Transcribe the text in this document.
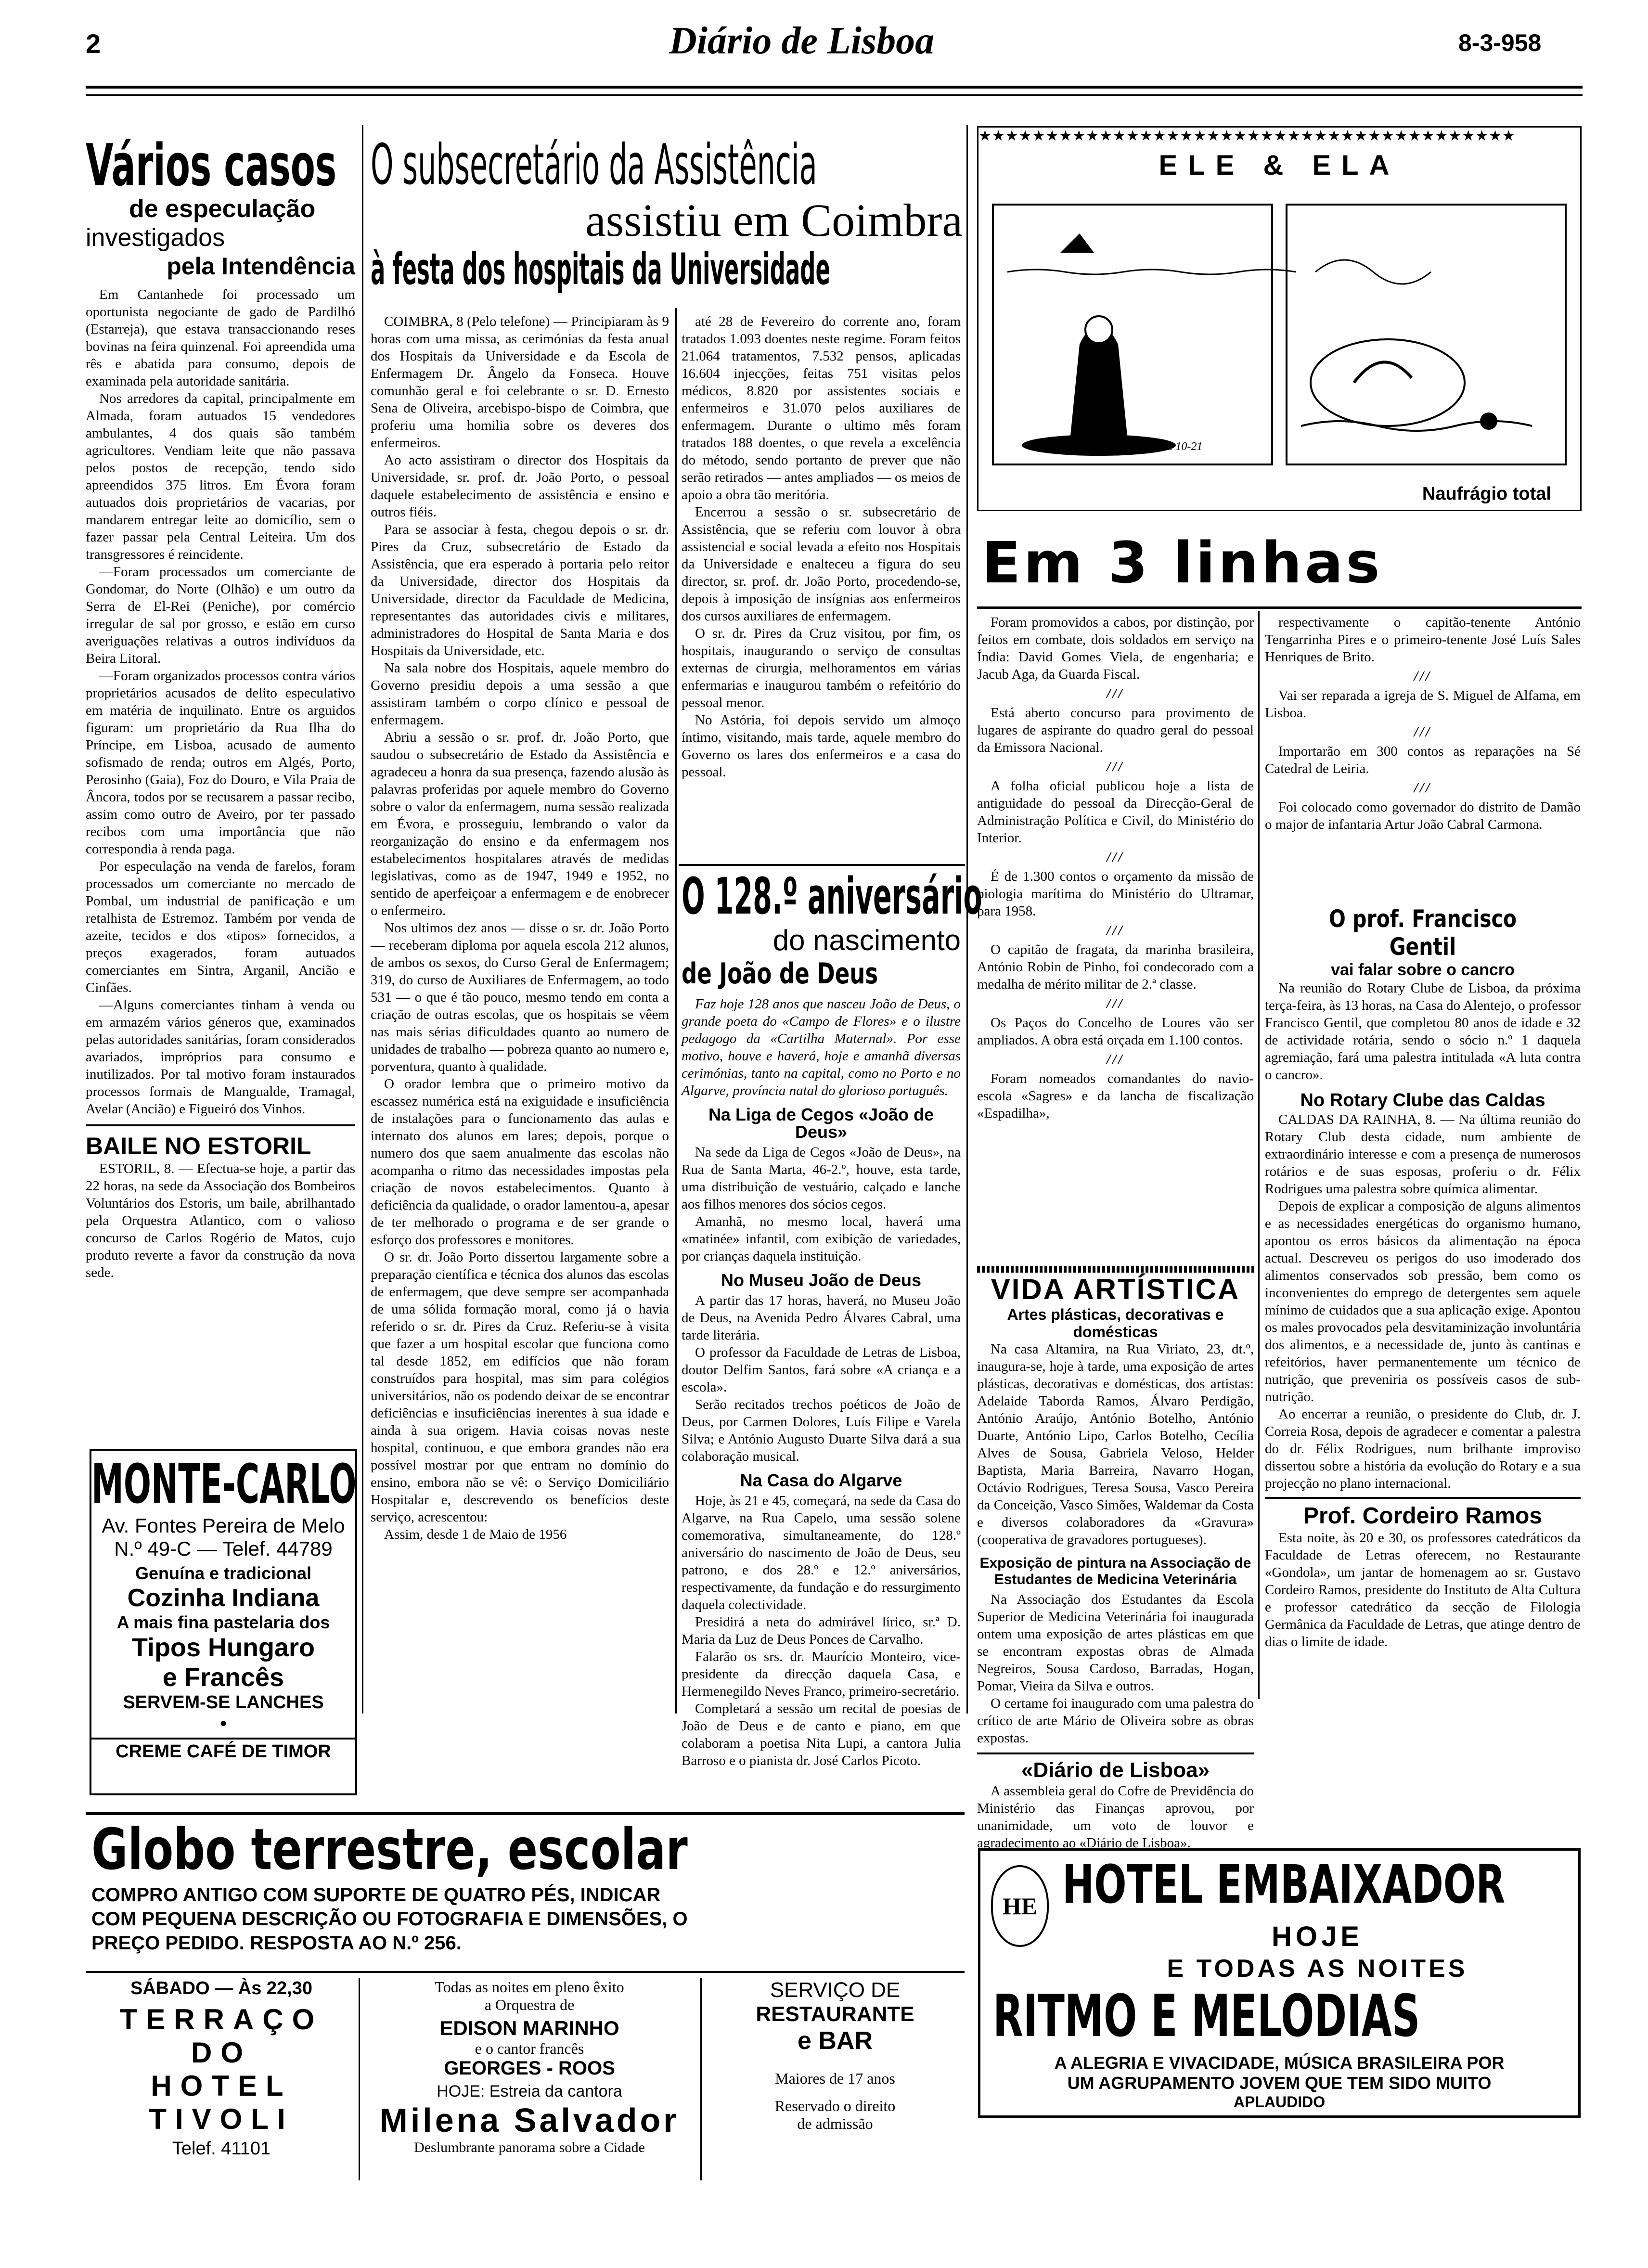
2	Diário de Lisboa	8-3-958
Vários casos
de especulação
investigados
pela Intendência

Em Cantanhede foi processado um oportunista negociante de gado de Pardilhó (Estarreja), que estava transaccionando reses bovinas na feira quinzenal. Foi apreendida uma rês e abatida para consumo, depois de examinada pela autoridade sanitária.

Nos arredores da capital, principalmente em Almada, foram autuados 15 vendedores ambulantes, 4 dos quais são também agricultores. Vendiam leite que não passava pelos postos de recepção, tendo sido apreendidos 375 litros. Em Évora foram autuados dois proprietários de vacarias, por mandarem entregar leite ao domicílio, sem o fazer passar pela Central Leiteira. Um dos transgressores é reincidente.

—Foram processados um comerciante de Gondomar, do Norte (Olhão) e um outro da Serra de El-Rei (Peniche), por comércio irregular de sal por grosso, e estão em curso averiguações relativas a outros indivíduos da Beira Litoral.

—Foram organizados processos contra vários proprietários acusados de delito especulativo em matéria de inquilinato. Entre os arguidos figuram: um proprietário da Rua Ilha do Príncipe, em Lisboa, acusado de aumento sofismado de renda; outros em Algés, Porto, Perosinho (Gaia), Foz do Douro, e Vila Praia de Âncora, todos por se recusarem a passar recibo, assim como outro de Aveiro, por ter passado recibos com uma importância que não correspondia à renda paga.

Por especulação na venda de farelos, foram processados um comerciante no mercado de Pombal, um industrial de panificação e um retalhista de Estremoz. Também por venda de azeite, tecidos e dos «tipos» fornecidos, a preços exagerados, foram autuados comerciantes em Sintra, Arganil, Ancião e Cinfães.

—Alguns comerciantes tinham à venda ou em armazém vários géneros que, examinados pelas autoridades sanitárias, foram considerados avariados, impróprios para consumo e inutilizados. Por tal motivo foram instaurados processos formais de Mangualde, Tramagal, Avelar (Ancião) e Figueiró dos Vinhos.

BAILE NO ESTORIL

ESTORIL, 8. — Efectua-se hoje, a partir das 22 horas, na sede da Associação dos Bombeiros Voluntários dos Estoris, um baile, abrilhantado pela Orquestra Atlantico, com o valioso concurso de Carlos Rogério de Matos, cujo produto reverte a favor da construção da nova sede.

MONTE-CARLO
Av. Fontes Pereira de Melo
N.º 49-C — Telef. 44789
Genuína e tradicional
Cozinha Indiana
A mais fina pastelaria dos
Tipos Hungaro
e Francês
SERVEM-SE LANCHES
•
CREME CAFÉ DE TIMOR
O subsecretário da Assistência
assistiu em Coimbra
à festa dos hospitais da Universidade

COIMBRA, 8 (Pelo telefone) — Principiaram às 9 horas com uma missa, as cerimónias da festa anual dos Hospitais da Universidade e da Escola de Enfermagem Dr. Ângelo da Fonseca. Houve comunhão geral e foi celebrante o sr. D. Ernesto Sena de Oliveira, arcebispo-bispo de Coimbra, que proferiu uma homilia sobre os deveres dos enfermeiros.

Ao acto assistiram o director dos Hospitais da Universidade, sr. prof. dr. João Porto, o pessoal daquele estabelecimento de assistência e ensino e outros fiéis.

Para se associar à festa, chegou depois o sr. dr. Pires da Cruz, subsecretário de Estado da Assistência, que era esperado à portaria pelo reitor da Universidade, director dos Hospitais da Universidade, director da Faculdade de Medicina, representantes das autoridades civis e militares, administradores do Hospital de Santa Maria e dos Hospitais da Universidade, etc.

Na sala nobre dos Hospitais, aquele membro do Governo presidiu depois a uma sessão a que assistiram também o corpo clínico e pessoal de enfermagem.

Abriu a sessão o sr. prof. dr. João Porto, que saudou o subsecretário de Estado da Assistência e agradeceu a honra da sua presença, fazendo alusão às palavras proferidas por aquele membro do Governo sobre o valor da enfermagem, numa sessão realizada em Évora, e prosseguiu, lembrando o valor da reorganização do ensino e da enfermagem nos estabelecimentos hospitalares através de medidas legislativas, como as de 1947, 1949 e 1952, no sentido de aperfeiçoar a enfermagem e de enobrecer o enfermeiro.

Nos ultimos dez anos — disse o sr. dr. João Porto — receberam diploma por aquela escola 212 alunos, de ambos os sexos, do Curso Geral de Enfermagem; 319, do curso de Auxiliares de Enfermagem, ao todo 531 — o que é tão pouco, mesmo tendo em conta a criação de outras escolas, que os hospitais se vêem nas mais sérias dificuldades quanto ao numero de unidades de trabalho — pobreza quanto ao numero e, porventura, quanto à qualidade.

O orador lembra que o primeiro motivo da escassez numérica está na exiguidade e insuficiência de instalações para o funcionamento das aulas e internato dos alunos em lares; depois, porque o numero dos que saem anualmente das escolas não acompanha o ritmo das necessidades impostas pela criação de novos estabelecimentos. Quanto à deficiência da qualidade, o orador lamentou-a, apesar de ter melhorado o programa e de ser grande o esforço dos professores e monitores.

O sr. dr. João Porto dissertou largamente sobre a preparação científica e técnica dos alunos das escolas de enfermagem, que deve sempre ser acompanhada de uma sólida formação moral, como já o havia referido o sr. dr. Pires da Cruz. Referiu-se à visita que fazer a um hospital escolar que funciona como tal desde 1852, em edifícios que não foram construídos para hospital, mas sim para colégios universitários, não os podendo deixar de se encontrar deficiências e insuficiências inerentes à sua idade e ainda à sua origem. Havia coisas novas neste hospital, continuou, e que embora grandes não era possível mostrar por que entram no domínio do ensino, embora não se vê: o Serviço Domiciliário Hospitalar e, descrevendo os benefícios deste serviço, acrescentou:

Assim, desde 1 de Maio de 1956

até 28 de Fevereiro do corrente ano, foram tratados 1.093 doentes neste regime. Foram feitos 21.064 tratamentos, 7.532 pensos, aplicadas 16.604 injecções, feitas 751 visitas pelos médicos, 8.820 por assistentes sociais e enfermeiros e 31.070 pelos auxiliares de enfermagem. Durante o ultimo mês foram tratados 188 doentes, o que revela a excelência do método, sendo portanto de prever que não serão retirados — antes ampliados — os meios de apoio a obra tão meritória.

Encerrou a sessão o sr. subsecretário de Assistência, que se referiu com louvor à obra assistencial e social levada a efeito nos Hospitais da Universidade e enalteceu a figura do seu director, sr. prof. dr. João Porto, procedendo-se, depois à imposição de insígnias aos enfermeiros dos cursos auxiliares de enfermagem.

O sr. dr. Pires da Cruz visitou, por fim, os hospitais, inaugurando o serviço de consultas externas de cirurgia, melhoramentos em várias enfermarias e inaugurou também o refeitório do pessoal menor.

No Astória, foi depois servido um almoço íntimo, visitando, mais tarde, aquele membro do Governo os lares dos enfermeiros e a casa do pessoal.

O 128.º aniversário
do nascimento
de João de Deus

Faz hoje 128 anos que nasceu João de Deus, o grande poeta do «Campo de Flores» e o ilustre pedagogo da «Cartilha Maternal». Por esse motivo, houve e haverá, hoje e amanhã diversas cerimónias, tanto na capital, como no Porto e no Algarve, província natal do glorioso português.

Na Liga de Cegos «João de Deus»

Na sede da Liga de Cegos «João de Deus», na Rua de Santa Marta, 46-2.º, houve, esta tarde, uma distribuição de vestuário, calçado e lanche aos filhos menores dos sócios cegos.

Amanhã, no mesmo local, haverá uma «matinée» infantil, com exibição de variedades, por crianças daquela instituição.

No Museu João de Deus

A partir das 17 horas, haverá, no Museu João de Deus, na Avenida Pedro Álvares Cabral, uma tarde literária.

O professor da Faculdade de Letras de Lisboa, doutor Delfim Santos, fará sobre «A criança e a escola».

Serão recitados trechos poéticos de João de Deus, por Carmen Dolores, Luís Filipe e Varela Silva; e António Augusto Duarte Silva dará a sua colaboração musical.

Na Casa do Algarve

Hoje, às 21 e 45, começará, na sede da Casa do Algarve, na Rua Capelo, uma sessão solene comemorativa, simultaneamente, do 128.º aniversário do nascimento de João de Deus, seu patrono, e dos 28.º e 12.º aniversários, respectivamente, da fundação e do ressurgimento daquela colectividade.

Presidirá a neta do admirável lírico, sr.ª D. Maria da Luz de Deus Ponces de Carvalho.

Falarão os srs. dr. Maurício Monteiro, vice-presidente da direcção daquela Casa, e Hermenegildo Neves Franco, primeiro-secretário.

Completará a sessão um recital de poesias de João de Deus e de canto e piano, em que colaboram a poetisa Nita Lupi, a cantora Julia Barroso e o pianista dr. José Carlos Picoto.

★★★★★★★★★★★★★★★★★★★★★★★★★★★★★★★★★★★★★★★★
ELE & ELA
Zim. 10-21
Naufrágio total
Em 3 linhas

Foram promovidos a cabos, por distinção, por feitos em combate, dois soldados em serviço na Índia: David Gomes Viela, de engenharia; e Jacub Aga, da Guarda Fiscal.

///

Está aberto concurso para provimento de lugares de aspirante do quadro geral do pessoal da Emissora Nacional.

///

A folha oficial publicou hoje a lista de antiguidade do pessoal da Direcção-Geral de Administração Política e Civil, do Ministério do Interior.

///

É de 1.300 contos o orçamento da missão de biologia marítima do Ministério do Ultramar, para 1958.

///

O capitão de fragata, da marinha brasileira, António Robin de Pinho, foi condecorado com a medalha de mérito militar de 2.ª classe.

///

Os Paços do Concelho de Loures vão ser ampliados. A obra está orçada em 1.100 contos.

///

Foram nomeados comandantes do navio-escola «Sagres» e da lancha de fiscalização «Espadilha»,

respectivamente o capitão-tenente António Tengarrinha Pires e o primeiro-tenente José Luís Sales Henriques de Brito.

///

Vai ser reparada a igreja de S. Miguel de Alfama, em Lisboa.

///

Importarão em 300 contos as reparações na Sé Catedral de Leiria.

///

Foi colocado como governador do distrito de Damão o major de infantaria Artur João Cabral Carmona.

VIDA ARTÍSTICA
Artes plásticas, decorativas e domésticas

Na casa Altamira, na Rua Viriato, 23, dt.º, inaugura-se, hoje à tarde, uma exposição de artes plásticas, decorativas e domésticas, dos artistas: Adelaide Taborda Ramos, Álvaro Perdigão, António Araújo, António Botelho, António Duarte, António Lipo, Carlos Botelho, Cecília Alves de Sousa, Gabriela Veloso, Helder Baptista, Maria Barreira, Navarro Hogan, Octávio Rodrigues, Teresa Sousa, Vasco Pereira da Conceição, Vasco Simões, Waldemar da Costa e diversos colaboradores da «Gravura» (cooperativa de gravadores portugueses).

Exposição de pintura na Associação de Estudantes de Medicina Veterinária

Na Associação dos Estudantes da Escola Superior de Medicina Veterinária foi inaugurada ontem uma exposição de artes plásticas em que se encontram expostas obras de Almada Negreiros, Sousa Cardoso, Barradas, Hogan, Pomar, Vieira da Silva e outros.

O certame foi inaugurado com uma palestra do crítico de arte Mário de Oliveira sobre as obras expostas.

«Diário de Lisboa»

A assembleia geral do Cofre de Previdência do Ministério das Finanças aprovou, por unanimidade, um voto de louvor e agradecimento ao «Diário de Lisboa».

O prof. Francisco Gentil
vai falar sobre o cancro

Na reunião do Rotary Clube de Lisboa, da próxima terça-feira, às 13 horas, na Casa do Alentejo, o professor Francisco Gentil, que completou 80 anos de idade e 32 de actividade rotária, sendo o sócio n.º 1 daquela agremiação, fará uma palestra intitulada «A luta contra o cancro».

No Rotary Clube das Caldas

CALDAS DA RAINHA, 8. — Na última reunião do Rotary Club desta cidade, num ambiente de extraordinário interesse e com a presença de numerosos rotários e de suas esposas, proferiu o dr. Félix Rodrigues uma palestra sobre química alimentar.

Depois de explicar a composição de alguns alimentos e as necessidades energéticas do organismo humano, apontou os erros básicos da alimentação na época actual. Descreveu os perigos do uso imoderado dos alimentos conservados sob pressão, bem como os inconvenientes do emprego de detergentes sem aquele mínimo de cuidados que a sua aplicação exige. Apontou os males provocados pela desvitaminização involuntária dos alimentos, e a necessidade de, junto às cantinas e refeitórios, haver permanentemente um técnico de nutrição, que preveniria os possíveis casos de sub-nutrição.

Ao encerrar a reunião, o presidente do Club, dr. J. Correia Rosa, depois de agradecer e comentar a palestra do dr. Félix Rodrigues, num brilhante improviso dissertou sobre a história da evolução do Rotary e a sua projecção no plano internacional.

Prof. Cordeiro Ramos

Esta noite, às 20 e 30, os professores catedráticos da Faculdade de Letras oferecem, no Restaurante «Gondola», um jantar de homenagem ao sr. Gustavo Cordeiro Ramos, presidente do Instituto de Alta Cultura e professor catedrático da secção de Filologia Germânica da Faculdade de Letras, que atinge dentro de dias o limite de idade.

Globo terrestre, escolar
COMPRO ANTIGO COM SUPORTE DE QUATRO PÉS, INDICAR COM PEQUENA DESCRIÇÃO OU FOTOGRAFIA E DIMENSÕES, O PREÇO PEDIDO. RESPOSTA AO N.º 256.
SÁBADO — Às 22,30
TERRAÇO
DO
HOTEL
TIVOLI
Telef. 41101
Todas as noites em pleno êxito
a Orquestra de
EDISON MARINHO
e o cantor francês
GEORGES - ROOS
HOJE: Estreia da cantora
Milena Salvador
Deslumbrante panorama sobre a Cidade
SERVIÇO DE
RESTAURANTE
e BAR
Maiores de 17 anos
Reservado o direito
de admissão
HE HOTEL EMBAIXADOR
HOJE
E TODAS AS NOITES
RITMO E MELODIAS
A ALEGRIA E VIVACIDADE, MÚSICA BRASILEIRA POR
UM AGRUPAMENTO JOVEM QUE TEM SIDO MUITO
APLAUDIDO
